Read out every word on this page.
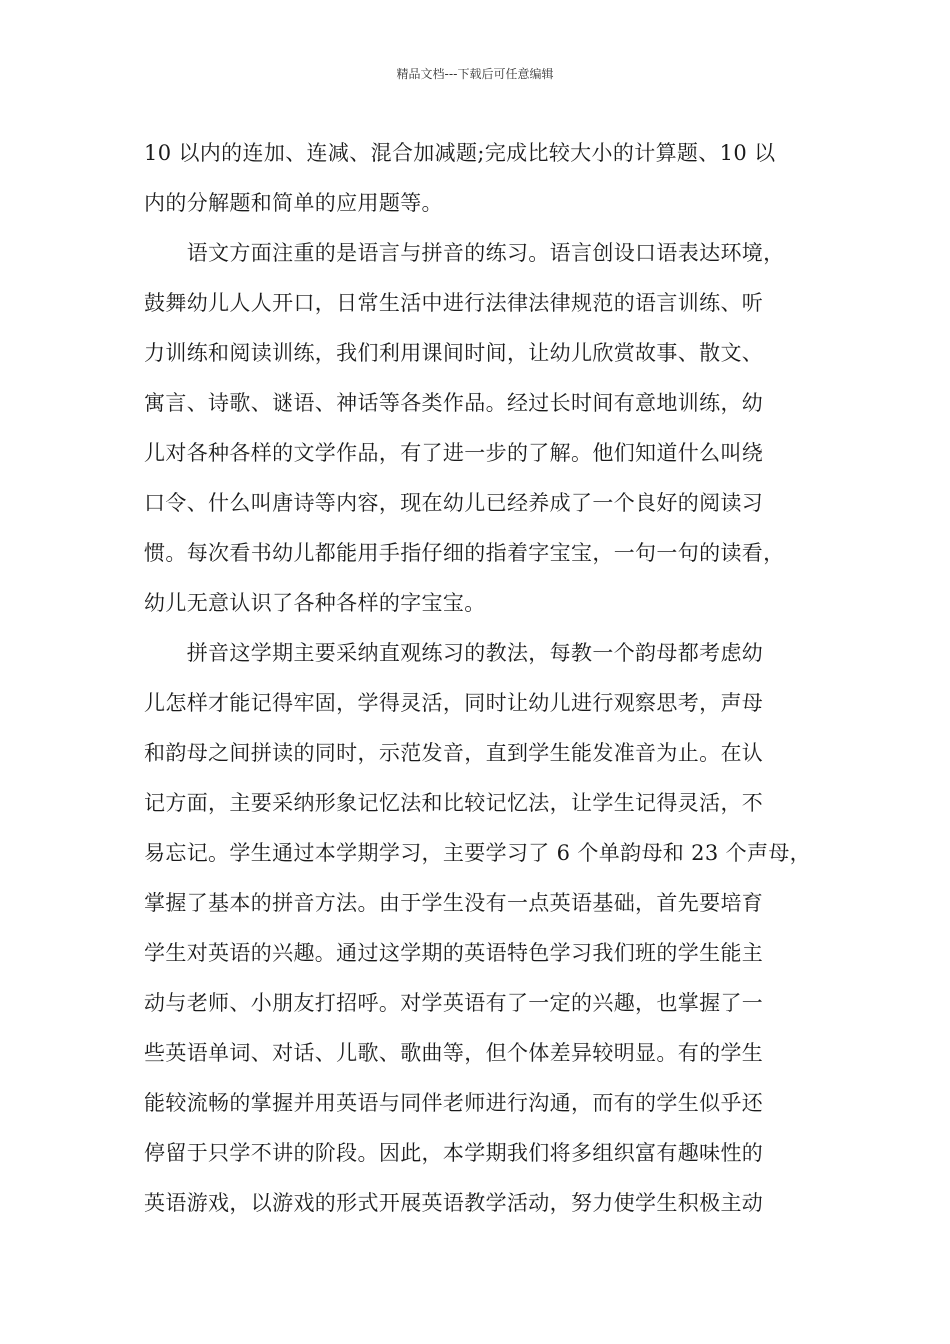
精品文档---下载后可任意编辑
10 以内的连加、连减、混合加减题;完成比较大小的计算题、10 以
内的分解题和简单的应用题等。
　　语文方面注重的是语言与拼音的练习。语言创设口语表达环境，
鼓舞幼儿人人开口，日常生活中进行法律法律规范的语言训练、听
力训练和阅读训练，我们利用课间时间，让幼儿欣赏故事、散文、
寓言、诗歌、谜语、神话等各类作品。经过长时间有意地训练，幼
儿对各种各样的文学作品，有了进一步的了解。他们知道什么叫绕
口令、什么叫唐诗等内容，现在幼儿已经养成了一个良好的阅读习
惯。每次看书幼儿都能用手指仔细的指着字宝宝，一句一句的读看，
幼儿无意认识了各种各样的字宝宝。
　　拼音这学期主要采纳直观练习的教法，每教一个韵母都考虑幼
儿怎样才能记得牢固，学得灵活，同时让幼儿进行观察思考，声母
和韵母之间拼读的同时，示范发音，直到学生能发准音为止。在认
记方面，主要采纳形象记忆法和比较记忆法，让学生记得灵活，不
易忘记。学生通过本学期学习，主要学习了 6 个单韵母和 23 个声母，
掌握了基本的拼音方法。由于学生没有一点英语基础，首先要培育
学生对英语的兴趣。通过这学期的英语特色学习我们班的学生能主
动与老师、小朋友打招呼。对学英语有了一定的兴趣，也掌握了一
些英语单词、对话、儿歌、歌曲等，但个体差异较明显。有的学生
能较流畅的掌握并用英语与同伴老师进行沟通，而有的学生似乎还
停留于只学不讲的阶段。因此，本学期我们将多组织富有趣味性的
英语游戏，以游戏的形式开展英语教学活动，努力使学生积极主动
